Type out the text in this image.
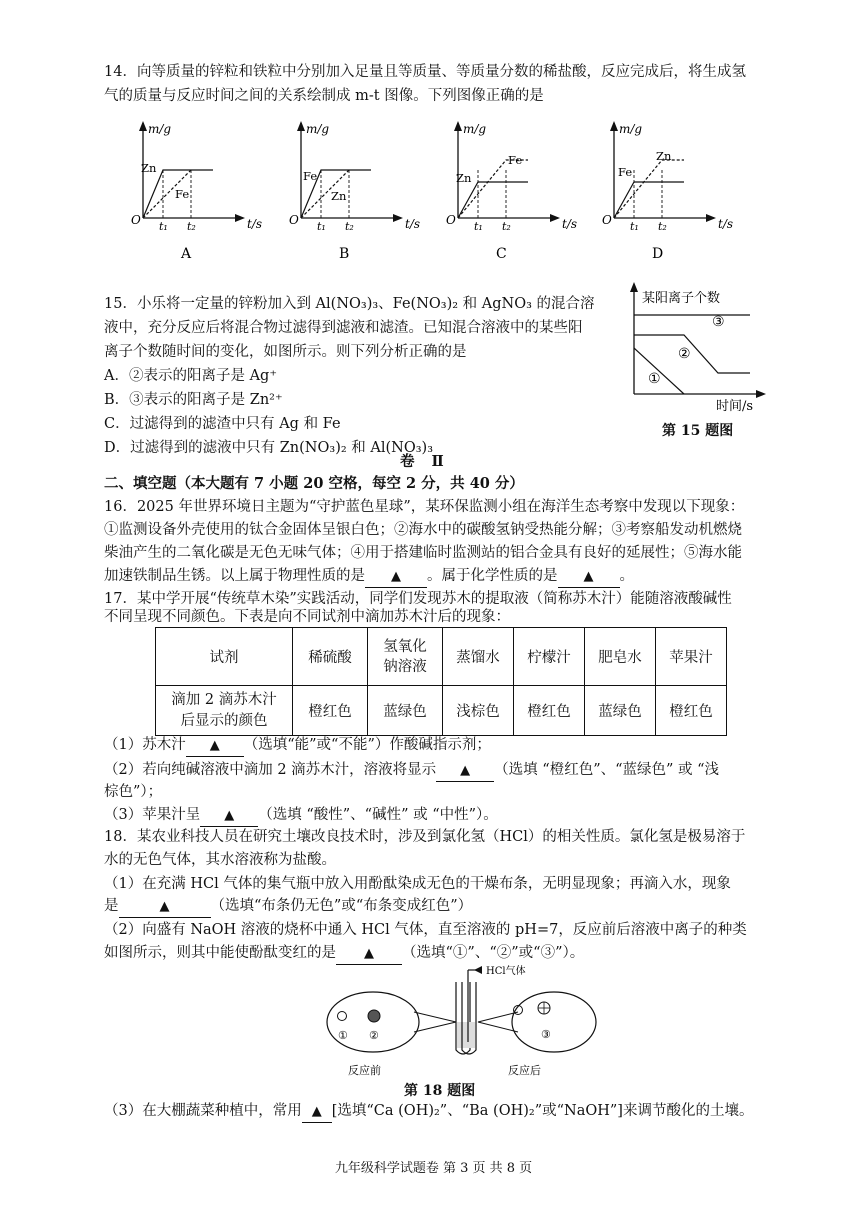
14．向等质量的锌粒和铁粒中分别加入足量且等质量、等质量分数的稀盐酸，反应完成后，将生成氢
气的质量与反应时间之间的关系绘制成 m-t 图像。下列图像正确的是
m/g
t/s
O t₁ t₂
Zn
Fe
A
m/g
t/s
O t₁ t₂
Fe
Zn
B
m/g
t/s
O t₁ t₂
Zn
Fe
C
m/g
t/s
O t₁ t₂
Fe
Zn
D
15．小乐将一定量的锌粉加入到 Al(NO₃)₃、Fe(NO₃)₂ 和 AgNO₃ 的混合溶
液中，充分反应后将混合物过滤得到滤液和滤渣。已知混合溶液中的某些阳
离子个数随时间的变化，如图所示。则下列分析正确的是
A．②表示的阳离子是 Ag⁺
B．③表示的阳离子是 Zn²⁺
C．过滤得到的滤渣中只有 Ag 和 Fe
D．过滤得到的滤液中只有 Zn(NO₃)₂ 和 Al(NO₃)₃
某阳离子个数
③
②
①
时间/s
第 15 题图
卷 Ⅱ
二、填空题（本大题有 7 小题 20 空格，每空 2 分，共 40 分）
16．2025 年世界环境日主题为“守护蓝色星球”，某环保监测小组在海洋生态考察中发现以下现象：
①监测设备外壳使用的钛合金固体呈银白色；②海水中的碳酸氢钠受热能分解；③考察船发动机燃烧
柴油产生的二氧化碳是无色无味气体；④用于搭建临时监测站的铝合金具有良好的延展性；⑤海水能
加速铁制品生锈。以上属于物理性质的是 ▲ 。属于化学性质的是 ▲ 。
17．某中学开展“传统草木染”实践活动，同学们发现苏木的提取液（简称苏木汁）能随溶液酸碱性
不同呈现不同颜色。下表是向不同试剂中滴加苏木汁后的现象：
试剂	稀硫酸	氢氧化
钠溶液	蒸馏水	柠檬汁	肥皂水	苹果汁
滴加 2 滴苏木汁
后显示的颜色	橙红色	蓝绿色	浅棕色	橙红色	蓝绿色	橙红色
（1）苏木汁 ▲ （选填“能”或“不能”）作酸碱指示剂；
（2）若向纯碱溶液中滴加 2 滴苏木汁，溶液将显示 ▲ （选填 “橙红色”、“蓝绿色” 或 “浅
棕色”）；
（3）苹果汁呈 ▲ （选填 “酸性”、“碱性” 或 “中性”）。
18．某农业科技人员在研究土壤改良技术时，涉及到氯化氢（HCl）的相关性质。氯化氢是极易溶于
水的无色气体，其水溶液称为盐酸。
（1）在充满 HCl 气体的集气瓶中放入用酚酞染成无色的干燥布条，无明显现象；再滴入水，现象
是	▲	（选填“布条仍无色”或“布条变成红色”）
（2）向盛有 NaOH 溶液的烧杯中通入 HCl 气体，直至溶液的 pH=7，反应前后溶液中离子的种类
如图所示，则其中能使酚酞变红的是 ▲ （选填“①”、“②”或“③”）。
① ②
HCl气体
③
反应前	反应后
第 18 题图
（3）在大棚蔬菜种植中，常用 ▲ [选填“Ca (OH)₂”、“Ba (OH)₂”或“NaOH”]来调节酸化的土壤。
九年级科学试题卷 第 3 页 共 8 页
